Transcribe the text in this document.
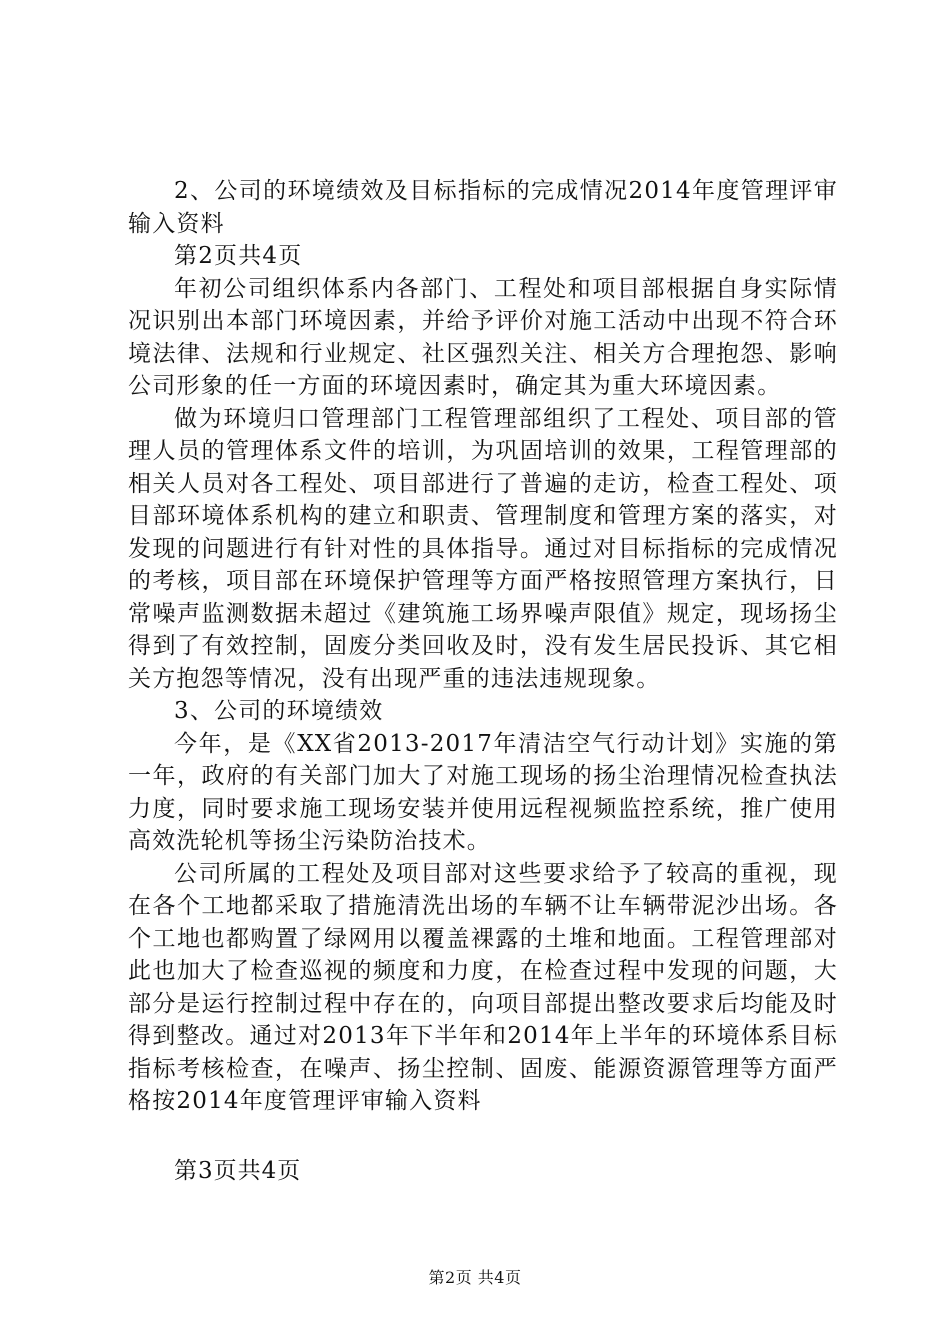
2、公司的环境绩效及目标指标的完成情况2014年度管理评审输入资料

第2页共4页

年初公司组织体系内各部门、工程处和项目部根据自身实际情况识别出本部门环境因素，并给予评价对施工活动中出现不符合环境法律、法规和行业规定、社区强烈关注、相关方合理抱怨、影响公司形象的任一方面的环境因素时，确定其为重大环境因素。

做为环境归口管理部门工程管理部组织了工程处、项目部的管理人员的管理体系文件的培训，为巩固培训的效果，工程管理部的相关人员对各工程处、项目部进行了普遍的走访，检查工程处、项目部环境体系机构的建立和职责、管理制度和管理方案的落实，对发现的问题进行有针对性的具体指导。通过对目标指标的完成情况的考核，项目部在环境保护管理等方面严格按照管理方案执行，日常噪声监测数据未超过《建筑施工场界噪声限值》规定，现场扬尘得到了有效控制，固废分类回收及时，没有发生居民投诉、其它相关方抱怨等情况，没有出现严重的违法违规现象。

3、公司的环境绩效

今年，是《XX省2013-2017年清洁空气行动计划》实施的第一年，政府的有关部门加大了对施工现场的扬尘治理情况检查执法力度，同时要求施工现场安装并使用远程视频监控系统，推广使用高效洗轮机等扬尘污染防治技术。

公司所属的工程处及项目部对这些要求给予了较高的重视，现在各个工地都采取了措施清洗出场的车辆不让车辆带泥沙出场。各个工地也都购置了绿网用以覆盖裸露的土堆和地面。工程管理部对此也加大了检查巡视的频度和力度，在检查过程中发现的问题，大部分是运行控制过程中存在的，向项目部提出整改要求后均能及时得到整改。通过对2013年下半年和2014年上半年的环境体系目标指标考核检查，在噪声、扬尘控制、固废、能源资源管理等方面严格按2014年度管理评审输入资料

第3页共4页
第2页 共4页
